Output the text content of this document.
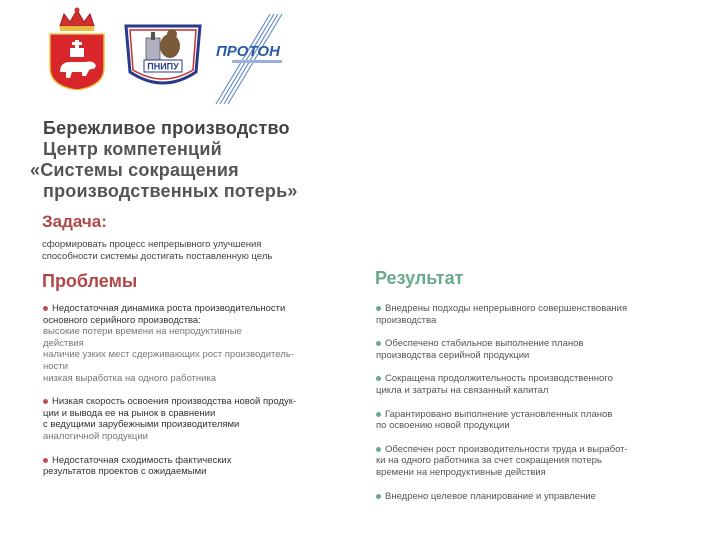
ПНИПУ
ПРОТОН
Бережливое производство
Центр компетенций
«Системы сокращения
производственных потерь»
Задача:
сформировать процесс непрерывного улучшения
способности системы достигать поставленную цель
Проблемы	Результат
Недостаточная динамика роста производительности
основного серийного производства:
высокие потери времени на непродуктивные
действия
наличие узких мест сдерживающих рост производитель-
ности
низкая выработка на одного работника
Низкая скорость освоения производства новой продук-
ции и вывода ее на рынок в сравнении
с ведущими зарубежными производителями
аналогичной продукции
Недостаточная сходимость фактических
результатов проектов с ожидаемыми
Внедрены подходы непрерывного совершенствования
производства
Обеспечено стабильное выполнение планов
производства серийной продукции
Сокращена продолжительность производственного
цикла и затраты на связанный капитал
Гарантировано выполнение установленных планов
по освоению новой продукции
Обеспечен рост производительности труда и выработ-
ки на одного работника за счет сокращения потерь
времени на непродуктивные действия
Внедрено целевое планирование и управление
